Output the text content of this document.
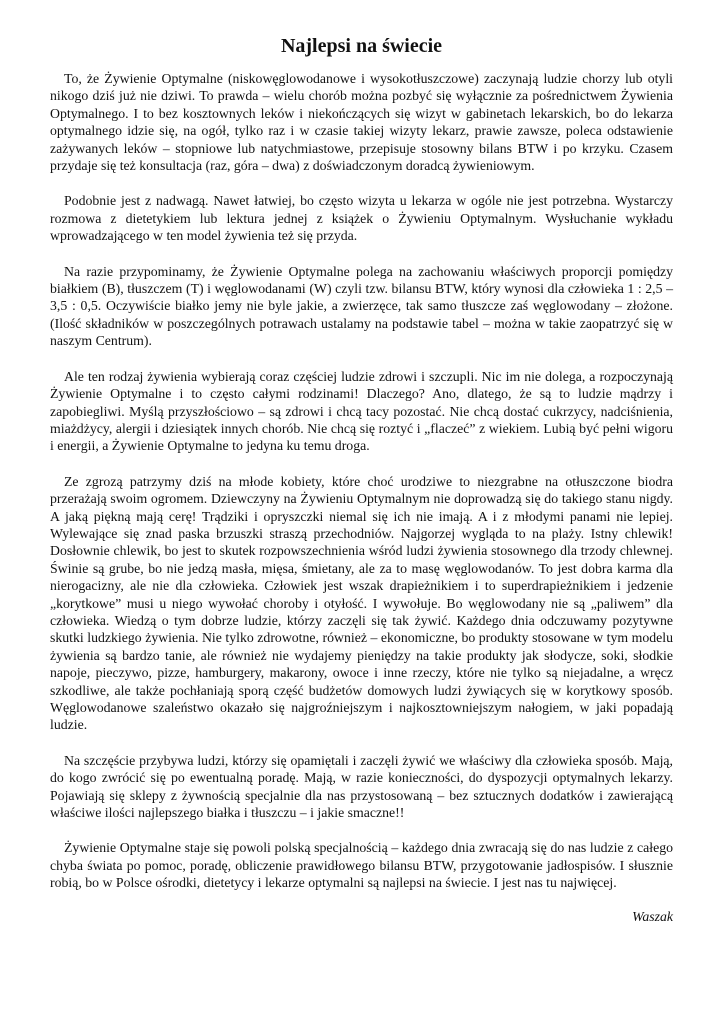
Najlepsi na świecie

To, że Żywienie Optymalne (niskowęglowodanowe i wysokotłuszczowe) zaczynają ludzie chorzy lub otyli nikogo dziś już nie dziwi. To prawda – wielu chorób można pozbyć się wyłącznie za pośrednictwem Żywienia Optymalnego. I to bez kosztownych leków i niekończących się wizyt w gabinetach lekarskich, bo do lekarza optymalnego idzie się, na ogół, tylko raz i w czasie takiej wizyty lekarz, prawie zawsze, poleca odstawienie zażywanych leków – stopniowe lub natychmiastowe, przepisuje stosowny bilans BTW i po krzyku. Czasem przydaje się też konsultacja (raz, góra – dwa) z doświadczonym doradcą żywieniowym.

Podobnie jest z nadwagą. Nawet łatwiej, bo często wizyta u lekarza w ogóle nie jest potrzebna. Wystarczy rozmowa z dietetykiem lub lektura jednej z książek o Żywieniu Optymalnym. Wysłuchanie wykładu wprowadzającego w ten model żywienia też się przyda.

Na razie przypominamy, że Żywienie Optymalne polega na zachowaniu właściwych proporcji pomiędzy białkiem (B), tłuszczem (T) i węglowodanami (W) czyli tzw. bilansu BTW, który wynosi dla człowieka 1 : 2,5 – 3,5 : 0,5. Oczywiście białko jemy nie byle jakie, a zwierzęce, tak samo tłuszcze zaś węglowodany – złożone. (Ilość składników w poszczególnych potrawach ustalamy na podstawie tabel – można w takie zaopatrzyć się w naszym Centrum).

Ale ten rodzaj żywienia wybierają coraz częściej ludzie zdrowi i szczupli. Nic im nie dolega, a rozpoczynają Żywienie Optymalne i to często całymi rodzinami! Dlaczego? Ano, dlatego, że są to ludzie mądrzy i zapobiegliwi. Myślą przyszłościowo – są zdrowi i chcą tacy pozostać. Nie chcą dostać cukrzycy, nadciśnienia, miażdżycy, alergii i dziesiątek innych chorób. Nie chcą się roztyć i „flaczeć” z wiekiem. Lubią być pełni wigoru i energii, a Żywienie Optymalne to jedyna ku temu droga.

Ze zgrozą patrzymy dziś na młode kobiety, które choć urodziwe to niezgrabne na otłuszczone biodra przerażają swoim ogromem. Dziewczyny na Żywieniu Optymalnym nie doprowadzą się do takiego stanu nigdy. A jaką piękną mają cerę! Trądziki i opryszczki niemal się ich nie imają. A i z młodymi panami nie lepiej. Wylewające się znad paska brzuszki straszą przechodniów. Najgorzej wygląda to na plaży. Istny chlewik! Dosłownie chlewik, bo jest to skutek rozpowszechnienia wśród ludzi żywienia stosownego dla trzody chlewnej. Świnie są grube, bo nie jedzą masła, mięsa, śmietany, ale za to masę węglowodanów. To jest dobra karma dla nierogacizny, ale nie dla człowieka. Człowiek jest wszak drapieżnikiem i to superdrapieżnikiem i jedzenie „korytkowe” musi u niego wywołać choroby i otyłość. I wywołuje. Bo węglowodany nie są „paliwem” dla człowieka. Wiedzą o tym dobrze ludzie, którzy zaczęli się tak żywić. Każdego dnia odczuwamy pozytywne skutki ludzkiego żywienia. Nie tylko zdrowotne, również – ekonomiczne, bo produkty stosowane w tym modelu żywienia są bardzo tanie, ale również nie wydajemy pieniędzy na takie produkty jak słodycze, soki, słodkie napoje, pieczywo, pizze, hamburgery, makarony, owoce i inne rzeczy, które nie tylko są niejadalne, a wręcz szkodliwe, ale także pochłaniają sporą część budżetów domowych ludzi żywiących się w korytkowy sposób. Węglowodanowe szaleństwo okazało się najgroźniejszym i najkosztowniejszym nałogiem, w jaki popadają ludzie.

Na szczęście przybywa ludzi, którzy się opamiętali i zaczęli żywić we właściwy dla człowieka sposób. Mają, do kogo zwrócić się po ewentualną poradę. Mają, w razie konieczności, do dyspozycji optymalnych lekarzy. Pojawiają się sklepy z żywnością specjalnie dla nas przystosowaną – bez sztucznych dodatków i zawierającą właściwe ilości najlepszego białka i tłuszczu – i jakie smaczne!!

Żywienie Optymalne staje się powoli polską specjalnością – każdego dnia zwracają się do nas ludzie z całego chyba świata po pomoc, poradę, obliczenie prawidłowego bilansu BTW, przygotowanie jadłospisów. I słusznie robią, bo w Polsce ośrodki, dietetycy i lekarze optymalni są najlepsi na świecie. I jest nas tu najwięcej.

Waszak
